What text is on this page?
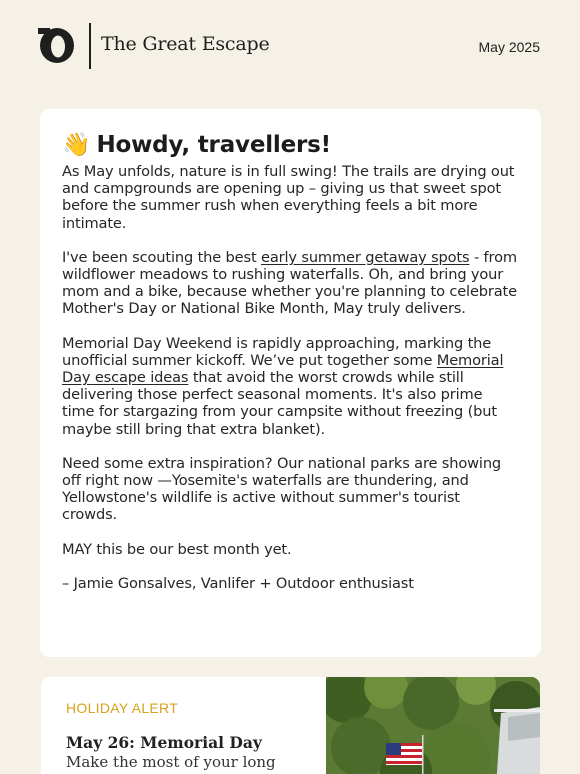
The Great Escape	May 2025
👋 Howdy, travellers!

As May unfolds, nature is in full swing! The trails are drying out and campgrounds are opening up – giving us that sweet spot before the summer rush when everything feels a bit more intimate.

I've been scouting the best early summer getaway spots - from wildflower meadows to rushing waterfalls. Oh, and bring your mom and a bike, because whether you're planning to celebrate Mother's Day or National Bike Month, May truly delivers.

Memorial Day Weekend is rapidly approaching, marking the unofficial summer kickoff. We’ve put together some Memorial Day escape ideas that avoid the worst crowds while still delivering those perfect seasonal moments. It's also prime time for stargazing from your campsite without freezing (but maybe still bring that extra blanket).

Need some extra inspiration? Our national parks are showing off right now —Yosemite's waterfalls are thundering, and Yellowstone's wildlife is active without summer's tourist crowds.

MAY this be our best month yet.

– Jamie Gonsalves, Vanlifer + Outdoor enthusiast

HOLIDAY ALERT
May 26: Memorial Day
Make the most of your long
